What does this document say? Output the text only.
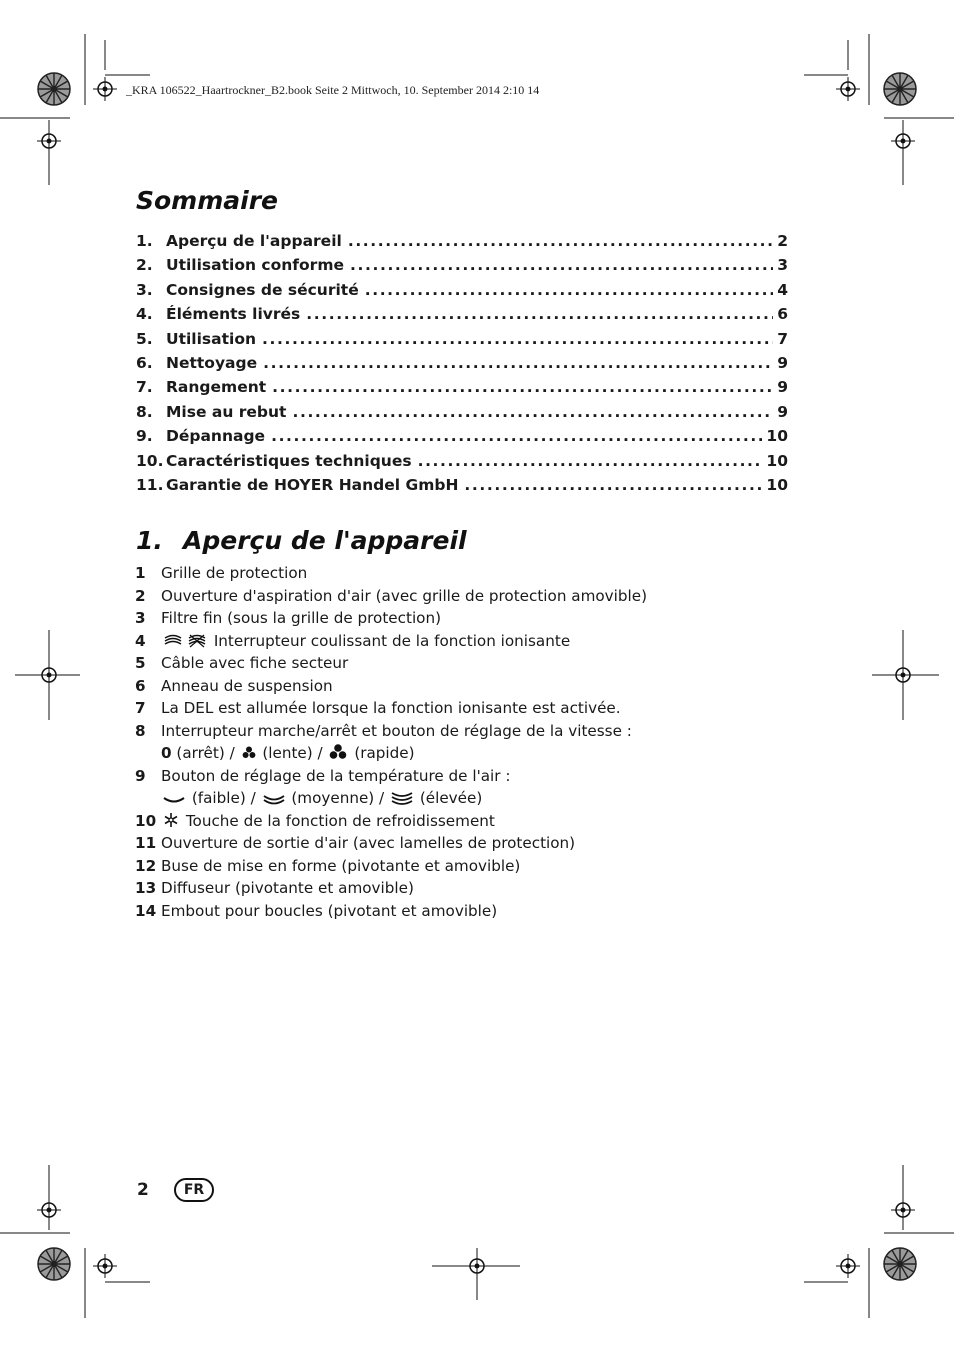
_KRA 106522_Haartrockner_B2.book Seite 2 Mittwoch, 10. September 2014 2:10 14
Sommaire
1. Aperçu de l'appareil .....	2
2. Utilisation conforme .....	3
3. Consignes de sécurité .....	4
4. Éléments livrés .....	6
5. Utilisation .....	7
6. Nettoyage .....	9
7. Rangement .....	9
8. Mise au rebut .....	9
9. Dépannage .....	10
10. Caractéristiques techniques .....	10
11. Garantie de HOYER Handel GmbH .....	10
1. Aperçu de l'appareil
1	Grille de protection
2	Ouverture d'aspiration d'air (avec grille de protection amovible)
3	Filtre fin (sous la grille de protection)
4	Interrupteur coulissant de la fonction ionisante
5	Câble avec fiche secteur
6	Anneau de suspension
7	La DEL est allumée lorsque la fonction ionisante est activée.
8	Interrupteur marche/arrêt et bouton de réglage de la vitesse :
0 (arrêt) / (lente) / (rapide)
9	Bouton de réglage de la température de l'air :
(faible) / (moyenne) / (élevée)
10	Touche de la fonction de refroidissement
11 Ouverture de sortie d'air (avec lamelles de protection)
12 Buse de mise en forme (pivotante et amovible)
13 Diffuseur (pivotante et amovible)
14 Embout pour boucles (pivotant et amovible)
2	FR
